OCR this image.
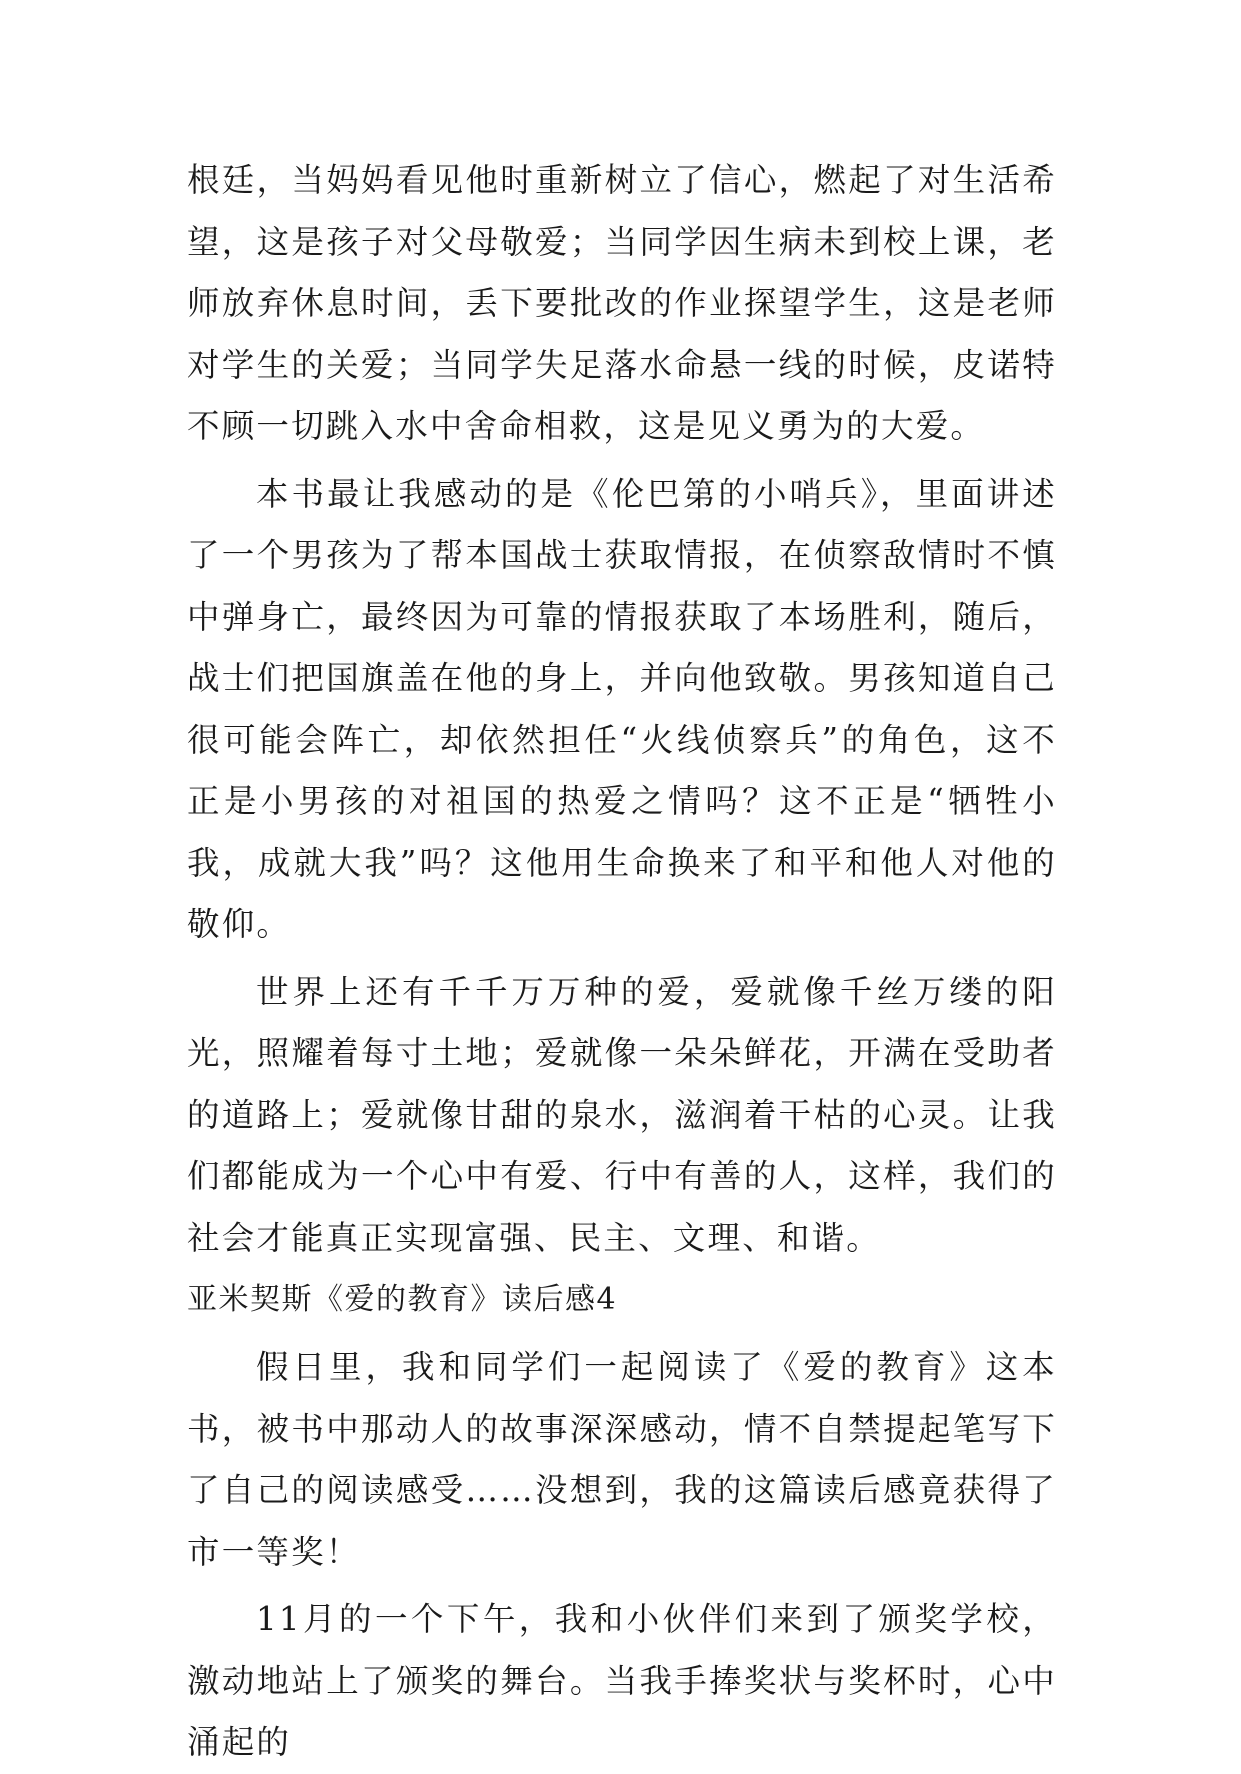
根廷，当妈妈看见他时重新树立了信心，燃起了对生活希望，这是孩子对父母敬爱；当同学因生病未到校上课，老师放弃休息时间，丢下要批改的作业探望学生，这是老师对学生的关爱；当同学失足落水命悬一线的时候，皮诺特不顾一切跳入水中舍命相救，这是见义勇为的大爱。

本书最让我感动的是《伦巴第的小哨兵》，里面讲述了一个男孩为了帮本国战士获取情报，在侦察敌情时不慎中弹身亡，最终因为可靠的情报获取了本场胜利，随后，战士们把国旗盖在他的身上，并向他致敬。男孩知道自己很可能会阵亡，却依然担任“火线侦察兵”的角色，这不正是小男孩的对祖国的热爱之情吗？这不正是“牺牲小我，成就大我”吗？这他用生命换来了和平和他人对他的敬仰。

世界上还有千千万万种的爱，爱就像千丝万缕的阳光，照耀着每寸土地；爱就像一朵朵鲜花，开满在受助者的道路上；爱就像甘甜的泉水，滋润着干枯的心灵。让我们都能成为一个心中有爱、行中有善的人，这样，我们的社会才能真正实现富强、民主、文理、和谐。

亚米契斯《爱的教育》读后感4

假日里，我和同学们一起阅读了《爱的教育》这本书，被书中那动人的故事深深感动，情不自禁提起笔写下了自己的阅读感受……没想到，我的这篇读后感竟获得了市一等奖！

11月的一个下午，我和小伙伴们来到了颁奖学校，激动地站上了颁奖的舞台。当我手捧奖状与奖杯时，心中涌起的
